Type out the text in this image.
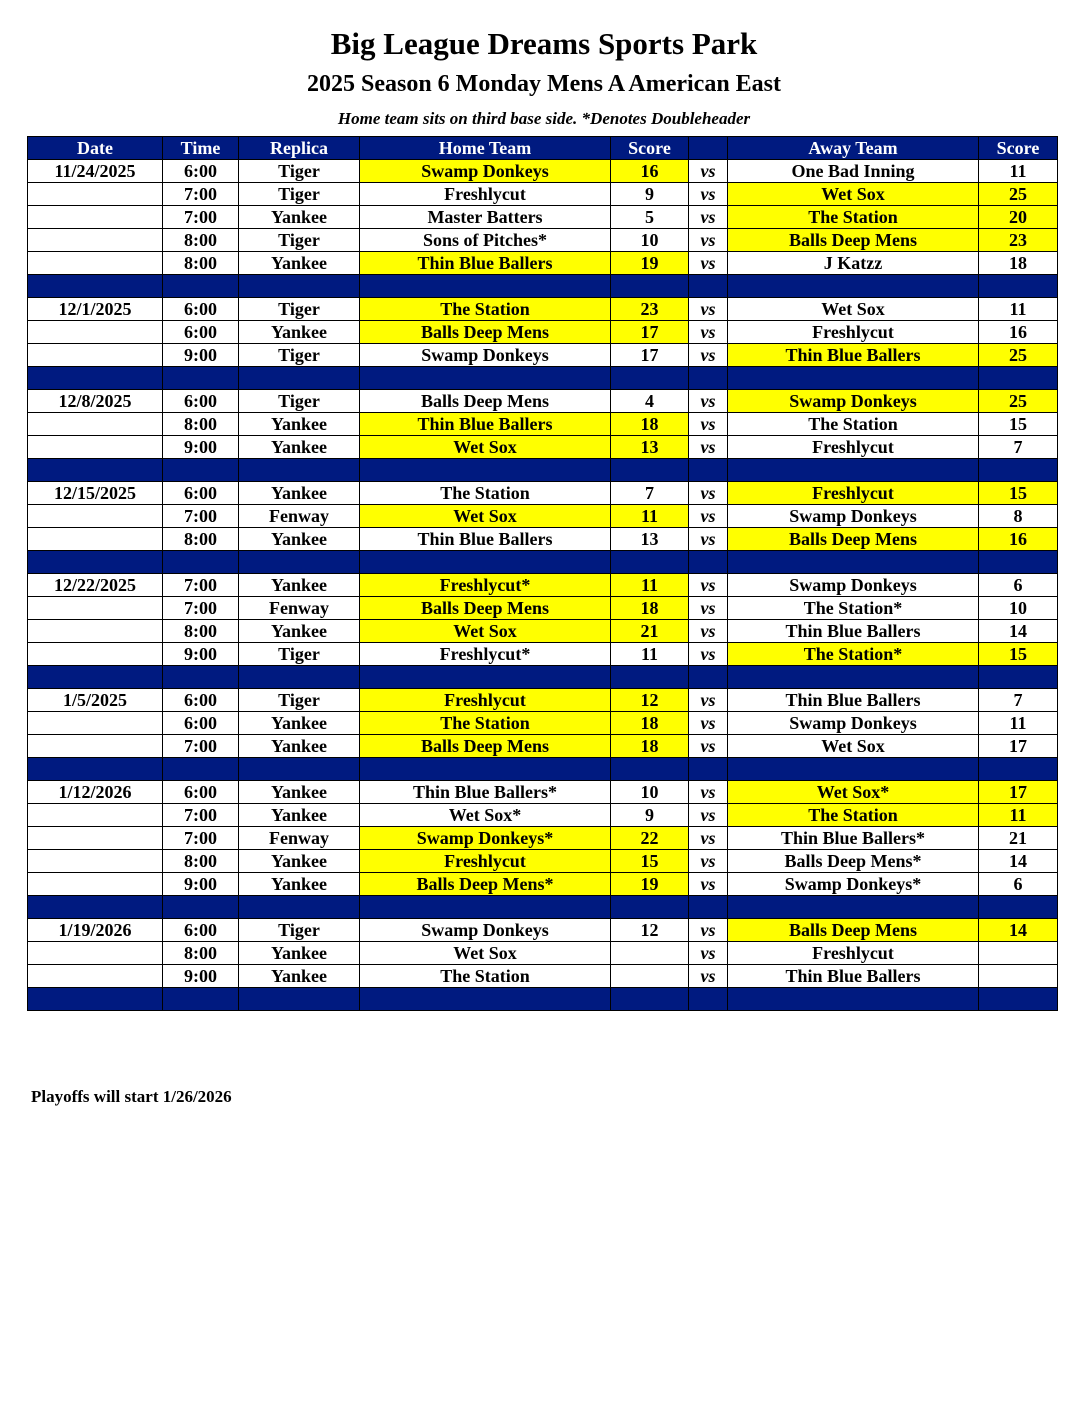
Big League Dreams Sports Park
2025 Season 6 Monday Mens A American East
Home team sits on third base side. *Denotes Doubleheader
Date	Time	Replica	Home Team	Score		Away Team	Score
11/24/2025	6:00	Tiger	Swamp Donkeys	16	vs	One Bad Inning	11
	7:00	Tiger	Freshlycut	9	vs	Wet Sox	25
	7:00	Yankee	Master Batters	5	vs	The Station	20
	8:00	Tiger	Sons of Pitches*	10	vs	Balls Deep Mens	23
	8:00	Yankee	Thin Blue Ballers	19	vs	J Katzz	18

12/1/2025	6:00	Tiger	The Station	23	vs	Wet Sox	11
	6:00	Yankee	Balls Deep Mens	17	vs	Freshlycut	16
	9:00	Tiger	Swamp Donkeys	17	vs	Thin Blue Ballers	25

12/8/2025	6:00	Tiger	Balls Deep Mens	4	vs	Swamp Donkeys	25
	8:00	Yankee	Thin Blue Ballers	18	vs	The Station	15
	9:00	Yankee	Wet Sox	13	vs	Freshlycut	7

12/15/2025	6:00	Yankee	The Station	7	vs	Freshlycut	15
	7:00	Fenway	Wet Sox	11	vs	Swamp Donkeys	8
	8:00	Yankee	Thin Blue Ballers	13	vs	Balls Deep Mens	16

12/22/2025	7:00	Yankee	Freshlycut*	11	vs	Swamp Donkeys	6
	7:00	Fenway	Balls Deep Mens	18	vs	The Station*	10
	8:00	Yankee	Wet Sox	21	vs	Thin Blue Ballers	14
	9:00	Tiger	Freshlycut*	11	vs	The Station*	15

1/5/2025	6:00	Tiger	Freshlycut	12	vs	Thin Blue Ballers	7
	6:00	Yankee	The Station	18	vs	Swamp Donkeys	11
	7:00	Yankee	Balls Deep Mens	18	vs	Wet Sox	17

1/12/2026	6:00	Yankee	Thin Blue Ballers*	10	vs	Wet Sox*	17
	7:00	Yankee	Wet Sox*	9	vs	The Station	11
	7:00	Fenway	Swamp Donkeys*	22	vs	Thin Blue Ballers*	21
	8:00	Yankee	Freshlycut	15	vs	Balls Deep Mens*	14
	9:00	Yankee	Balls Deep Mens*	19	vs	Swamp Donkeys*	6

1/19/2026	6:00	Tiger	Swamp Donkeys	12	vs	Balls Deep Mens	14
	8:00	Yankee	Wet Sox		vs	Freshlycut	
	9:00	Yankee	The Station		vs	Thin Blue Ballers	

Playoffs will start 1/26/2026
